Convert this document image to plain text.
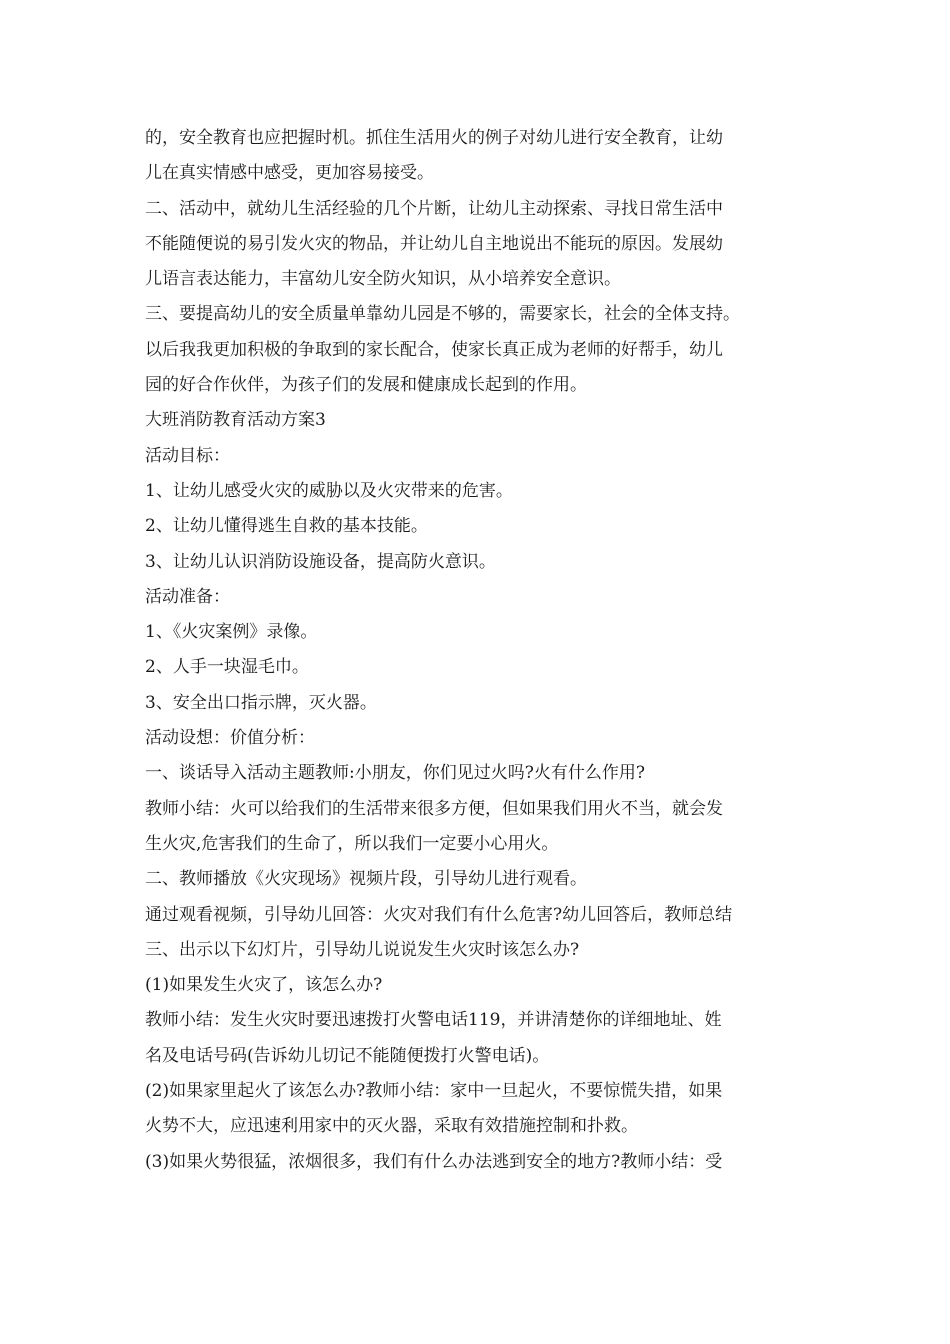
的，安全教育也应把握时机。抓住生活用火的例子对幼儿进行安全教育，让幼
儿在真实情感中感受，更加容易接受。
二、活动中，就幼儿生活经验的几个片断，让幼儿主动探索、寻找日常生活中
不能随便说的易引发火灾的物品，并让幼儿自主地说出不能玩的原因。发展幼
儿语言表达能力，丰富幼儿安全防火知识，从小培养安全意识。
三、要提高幼儿的安全质量单靠幼儿园是不够的，需要家长，社会的全体支持。
以后我我更加积极的争取到的家长配合，使家长真正成为老师的好帮手，幼儿
园的好合作伙伴，为孩子们的发展和健康成长起到的作用。
大班消防教育活动方案3
活动目标：
1、让幼儿感受火灾的威胁以及火灾带来的危害。
2、让幼儿懂得逃生自救的基本技能。
3、让幼儿认识消防设施设备，提高防火意识。
活动准备：
1、《火灾案例》录像。
2、人手一块湿毛巾。
3、安全出口指示牌，灭火器。
活动设想：价值分析：
一、谈话导入活动主题教师:小朋友，你们见过火吗?火有什么作用?
教师小结：火可以给我们的生活带来很多方便，但如果我们用火不当，就会发
生火灾,危害我们的生命了，所以我们一定要小心用火。
二、教师播放《火灾现场》视频片段，引导幼儿进行观看。
通过观看视频，引导幼儿回答：火灾对我们有什么危害?幼儿回答后，教师总结
三、出示以下幻灯片，引导幼儿说说发生火灾时该怎么办?
(1)如果发生火灾了，该怎么办?
教师小结：发生火灾时要迅速拨打火警电话119，并讲清楚你的详细地址、姓
名及电话号码(告诉幼儿切记不能随便拨打火警电话)。
(2)如果家里起火了该怎么办?教师小结：家中一旦起火，不要惊慌失措，如果
火势不大，应迅速利用家中的灭火器，采取有效措施控制和扑救。
(3)如果火势很猛，浓烟很多，我们有什么办法逃到安全的地方?教师小结：受
